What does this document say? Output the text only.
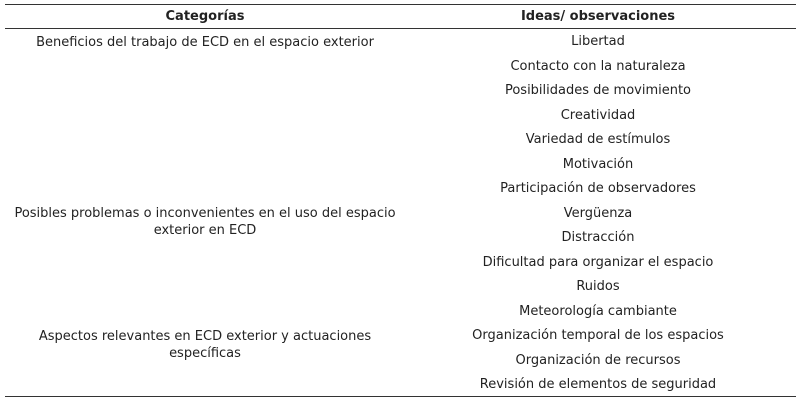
Categorías	Ideas/ observaciones
Beneficios del trabajo de ECD en el espacio exterior
Posibles problemas o inconvenientes en el uso del espacio exterior en ECD
Aspectos relevantes en ECD exterior y actuaciones específicas
Libertad
Contacto con la naturaleza
Posibilidades de movimiento
Creatividad
Variedad de estímulos
Motivación
Participación de observadores
Vergüenza
Distracción
Dificultad para organizar el espacio
Ruidos
Meteorología cambiante
Organización temporal de los espacios
Organización de recursos
Revisión de elementos de seguridad
